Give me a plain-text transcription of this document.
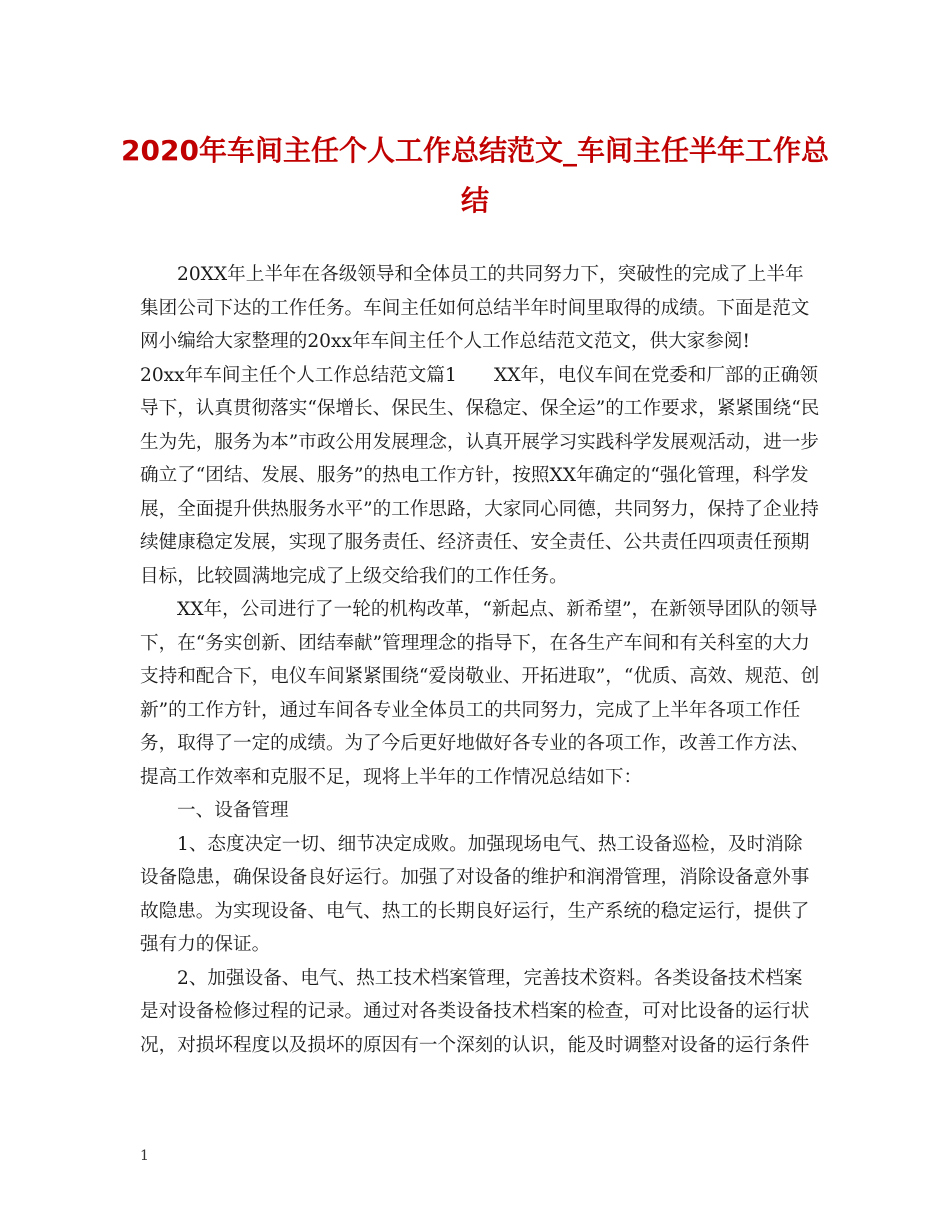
2020年车间主任个人工作总结范文_车间主任半年工作总结

20XX年上半年在各级领导和全体员工的共同努力下，突破性的完成了上半年集团公司下达的工作任务。车间主任如何总结半年时间里取得的成绩。下面是范文网小编给大家整理的20xx年车间主任个人工作总结范文范文，供大家参阅!

20xx年车间主任个人工作总结范文篇1　　XX年，电仪车间在党委和厂部的正确领导下，认真贯彻落实“保增长、保民生、保稳定、保全运”的工作要求，紧紧围绕“民生为先，服务为本”市政公用发展理念，认真开展学习实践科学发展观活动，进一步确立了“团结、发展、服务”的热电工作方针，按照XX年确定的“强化管理，科学发展，全面提升供热服务水平”的工作思路，大家同心同德，共同努力，保持了企业持续健康稳定发展，实现了服务责任、经济责任、安全责任、公共责任四项责任预期目标，比较圆满地完成了上级交给我们的工作任务。

XX年，公司进行了一轮的机构改革，“新起点、新希望”，在新领导团队的领导下，在“务实创新、团结奉献”管理理念的指导下，在各生产车间和有关科室的大力支持和配合下，电仪车间紧紧围绕“爱岗敬业、开拓进取”，“优质、高效、规范、创新”的工作方针，通过车间各专业全体员工的共同努力，完成了上半年各项工作任务，取得了一定的成绩。为了今后更好地做好各专业的各项工作，改善工作方法、提高工作效率和克服不足，现将上半年的工作情况总结如下：

一、设备管理

1、态度决定一切、细节决定成败。加强现场电气、热工设备巡检，及时消除设备隐患，确保设备良好运行。加强了对设备的维护和润滑管理，消除设备意外事故隐患。为实现设备、电气、热工的长期良好运行，生产系统的稳定运行，提供了强有力的保证。

2、加强设备、电气、热工技术档案管理，完善技术资料。各类设备技术档案是对设备检修过程的记录。通过对各类设备技术档案的检查，可对比设备的运行状况，对损坏程度以及损坏的原因有一个深刻的认识，能及时调整对设备的运行条件

1
